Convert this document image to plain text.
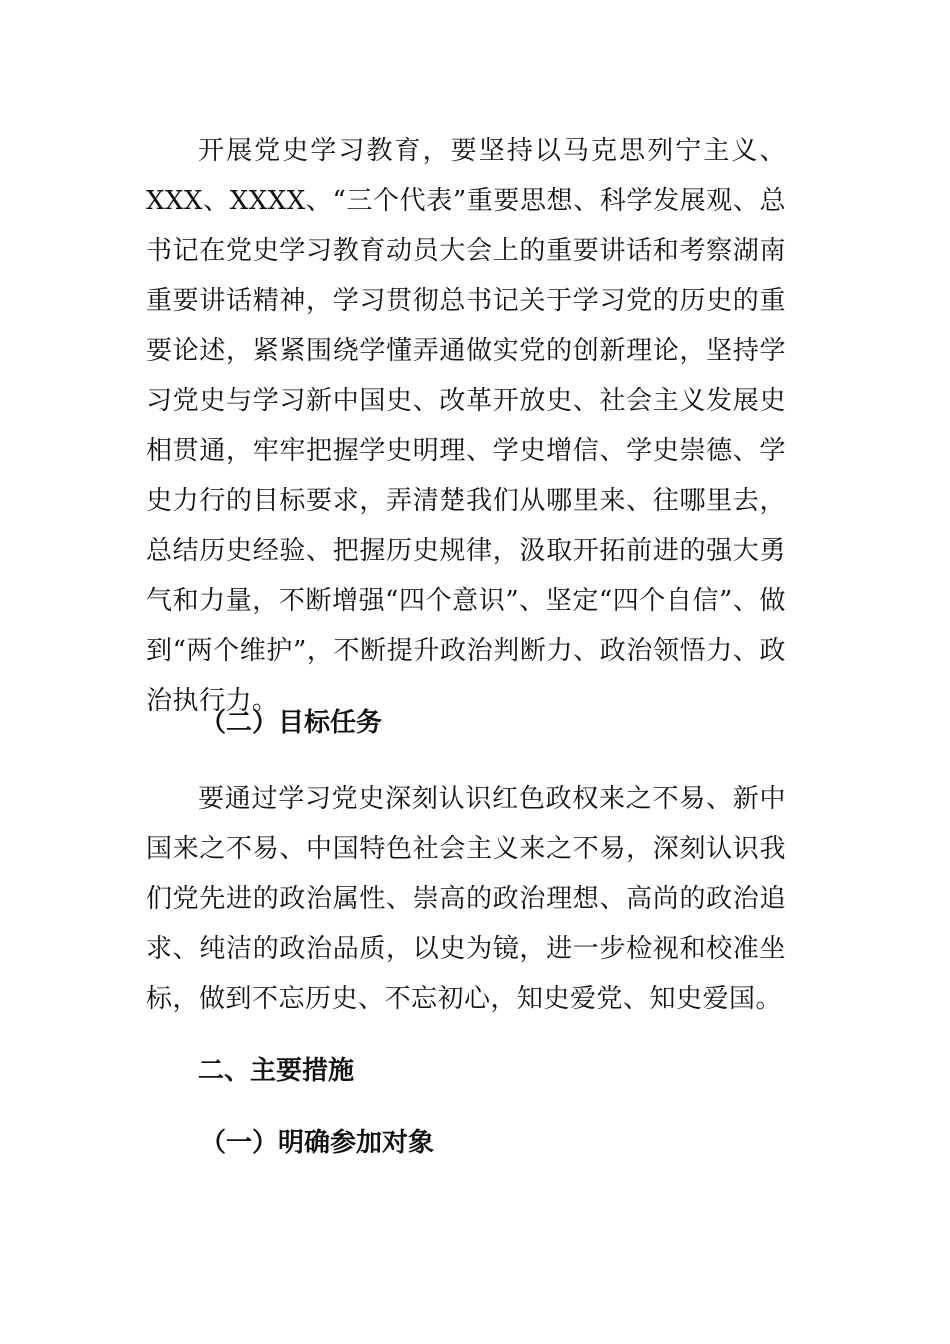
开展党史学习教育，要坚持以马克思列宁主义、XXX、XXXX、“三个代表”重要思想、科学发展观、总书记在党史学习教育动员大会上的重要讲话和考察湖南重要讲话精神，学习贯彻总书记关于学习党的历史的重要论述，紧紧围绕学懂弄通做实党的创新理论，坚持学习党史与学习新中国史、改革开放史、社会主义发展史相贯通，牢牢把握学史明理、学史增信、学史崇德、学史力行的目标要求，弄清楚我们从哪里来、往哪里去，总结历史经验、把握历史规律，汲取开拓前进的强大勇气和力量，不断增强“四个意识”、坚定“四个自信”、做到“两个维护”，不断提升政治判断力、政治领悟力、政治执行力。

（二）目标任务

要通过学习党史深刻认识红色政权来之不易、新中国来之不易、中国特色社会主义来之不易，深刻认识我们党先进的政治属性、崇高的政治理想、高尚的政治追求、纯洁的政治品质，以史为镜，进一步检视和校准坐标，做到不忘历史、不忘初心，知史爱党、知史爱国。

二、主要措施

（一）明确参加对象
